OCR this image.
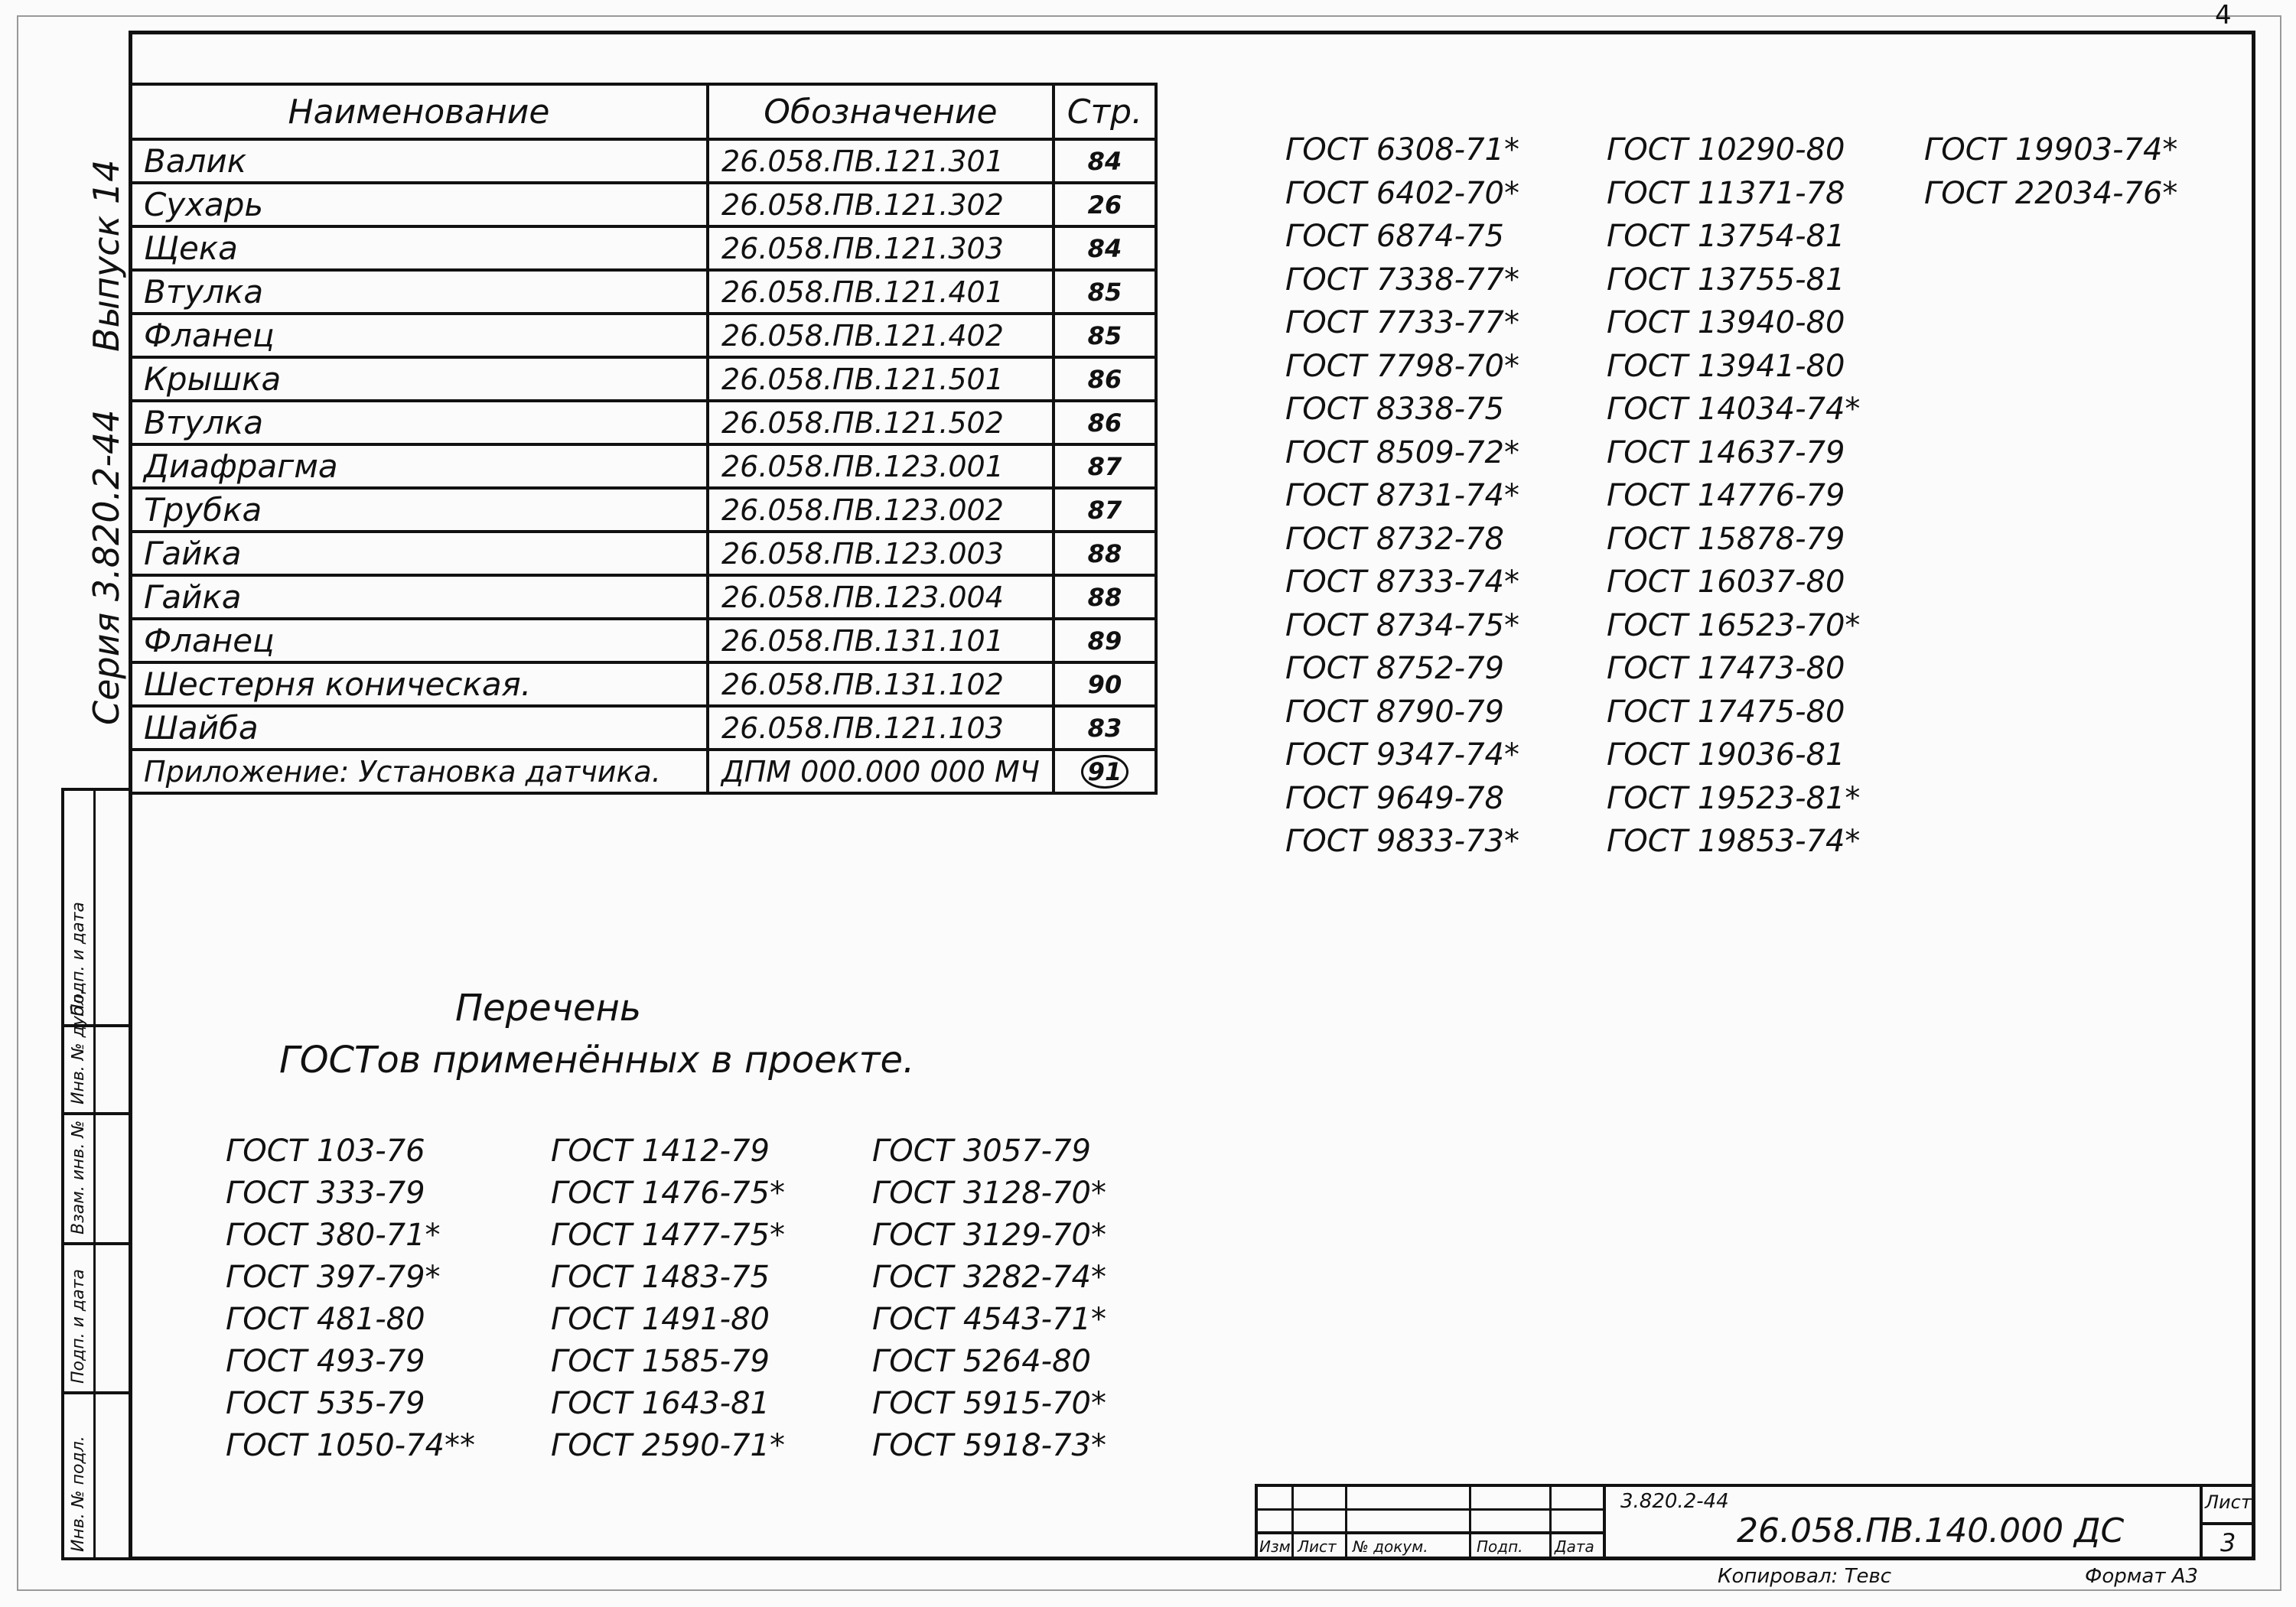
4
Серия 3.820.2-44
Выпуск 14
Инв. № подл.
Подп. и дата
Взам. инв. №
Инв. № дубл.
Подп. и дата
Наименование	Обозначение	Стр.
Валик	26.058.ПВ.121.301	84
Сухарь	26.058.ПВ.121.302	26
Щека	26.058.ПВ.121.303	84
Втулка	26.058.ПВ.121.401	85
Фланец	26.058.ПВ.121.402	85
Крышка	26.058.ПВ.121.501	86
Втулка	26.058.ПВ.121.502	86
Диафрагма	26.058.ПВ.123.001	87
Трубка	26.058.ПВ.123.002	87
Гайка	26.058.ПВ.123.003	88
Гайка	26.058.ПВ.123.004	88
Фланец	26.058.ПВ.131.101	89
Шестерня коническая.	26.058.ПВ.131.102	90
Шайба	26.058.ПВ.121.103	83
Приложение: Установка датчика.	ДПМ 000.000 000 МЧ	91
Перечень
ГОСТов применённых в проекте.
ГОСТ 103-76
ГОСТ 333-79
ГОСТ 380-71*
ГОСТ 397-79*
ГОСТ 481-80
ГОСТ 493-79
ГОСТ 535-79
ГОСТ 1050-74**
ГОСТ 1412-79
ГОСТ 1476-75*
ГОСТ 1477-75*
ГОСТ 1483-75
ГОСТ 1491-80
ГОСТ 1585-79
ГОСТ 1643-81
ГОСТ 2590-71*
ГОСТ 3057-79
ГОСТ 3128-70*
ГОСТ 3129-70*
ГОСТ 3282-74*
ГОСТ 4543-71*
ГОСТ 5264-80
ГОСТ 5915-70*
ГОСТ 5918-73*
ГОСТ 6308-71*
ГОСТ 6402-70*
ГОСТ 6874-75
ГОСТ 7338-77*
ГОСТ 7733-77*
ГОСТ 7798-70*
ГОСТ 8338-75
ГОСТ 8509-72*
ГОСТ 8731-74*
ГОСТ 8732-78
ГОСТ 8733-74*
ГОСТ 8734-75*
ГОСТ 8752-79
ГОСТ 8790-79
ГОСТ 9347-74*
ГОСТ 9649-78
ГОСТ 9833-73*
ГОСТ 10290-80
ГОСТ 11371-78
ГОСТ 13754-81
ГОСТ 13755-81
ГОСТ 13940-80
ГОСТ 13941-80
ГОСТ 14034-74*
ГОСТ 14637-79
ГОСТ 14776-79
ГОСТ 15878-79
ГОСТ 16037-80
ГОСТ 16523-70*
ГОСТ 17473-80
ГОСТ 17475-80
ГОСТ 19036-81
ГОСТ 19523-81*
ГОСТ 19853-74*
ГОСТ 19903-74*
ГОСТ 22034-76*
Изм. Лист № докум.	Подп. Дата
3.820.2-44
26.058.ПВ.140.000 ДС
Лист
3
Копировал: Тевс	Формат А3
